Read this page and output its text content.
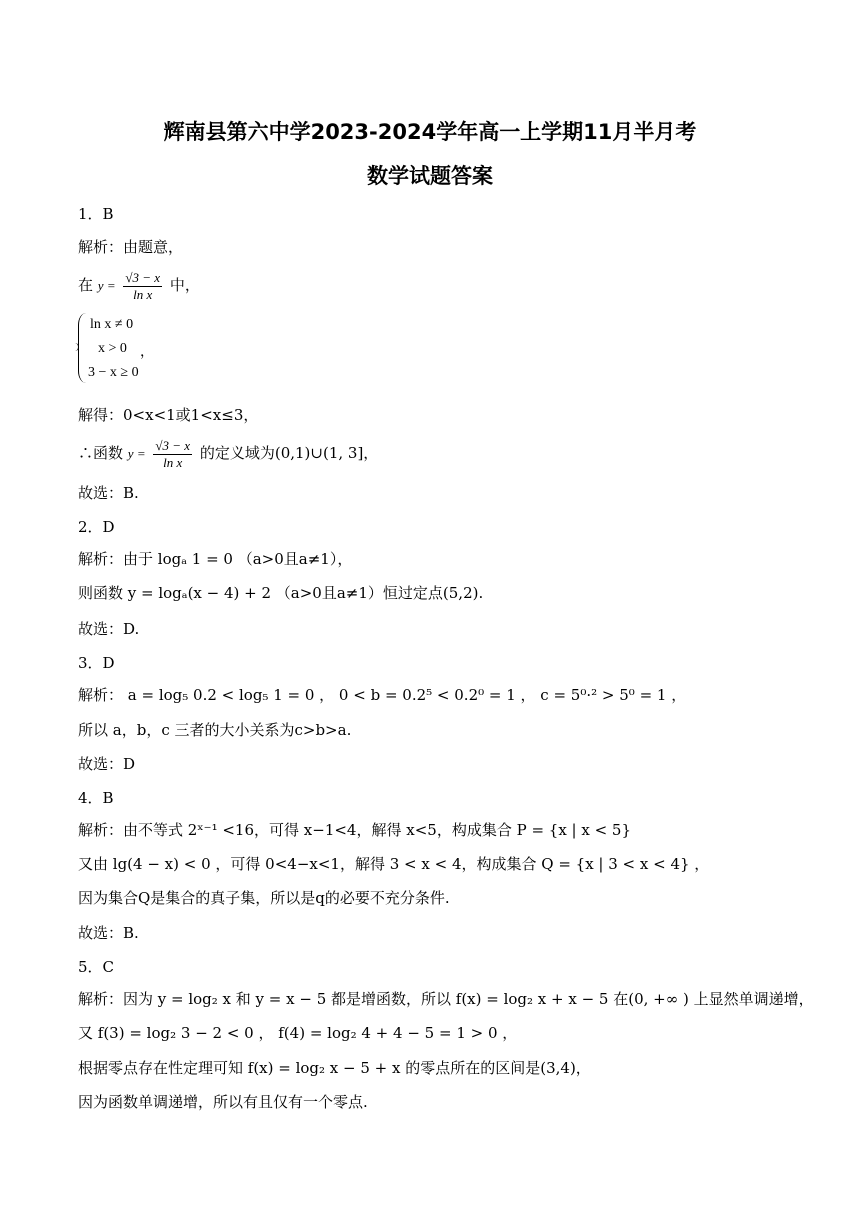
辉南县第六中学2023-2024学年高一上学期11月半月考
数学试题答案
1．B
解析：由题意，
在 $y = \frac{√3 - x}{\text{ln x}}$ 中，
ln x ≠ 0
x > 0 ，
3 − x ≥ 0
解得：0<x<1或1<x≤3，
∴函数 $y = \frac{√3 - x}{\text{ln x}}$ 的定义域为(0,1)∪(1, 3]，
故选：B.
2．D
解析：由于 logₐ 1 = 0 （a>0且a≠1），
则函数 y = logₐ(x − 4) + 2 （a>0且a≠1）恒过定点(5,2).
故选：D.
3．D
解析： a = log₅ 0.2 < log₅ 1 = 0 ， 0 < b = 0.2⁵ < 0.2⁰ = 1 ， c = 5⁰·² > 5⁰ = 1 ，
所以 a，b，c 三者的大小关系为c>b>a.
故选：D
4．B
解析：由不等式 2ˣ⁻¹ <16，可得 x−1<4，解得 x<5，构成集合 P = {x | x < 5}
又由 lg(4 − x) < 0 ，可得 0<4−x<1，解得 3 < x < 4，构成集合 Q = {x | 3 < x < 4} ，
因为集合Q是集合的真子集，所以是q的必要不充分条件.
故选：B.
5．C
解析：因为 y = log₂ x 和 y = x − 5 都是增函数，所以 f(x) = log₂ x + x − 5 在(0, +∞ ) 上显然单调递增，
又 f(3) = log₂ 3 − 2 < 0 ， f(4) = log₂ 4 + 4 − 5 = 1 > 0 ，
根据零点存在性定理可知 f(x) = log₂ x − 5 + x 的零点所在的区间是(3,4)，
因为函数单调递增，所以有且仅有一个零点.
